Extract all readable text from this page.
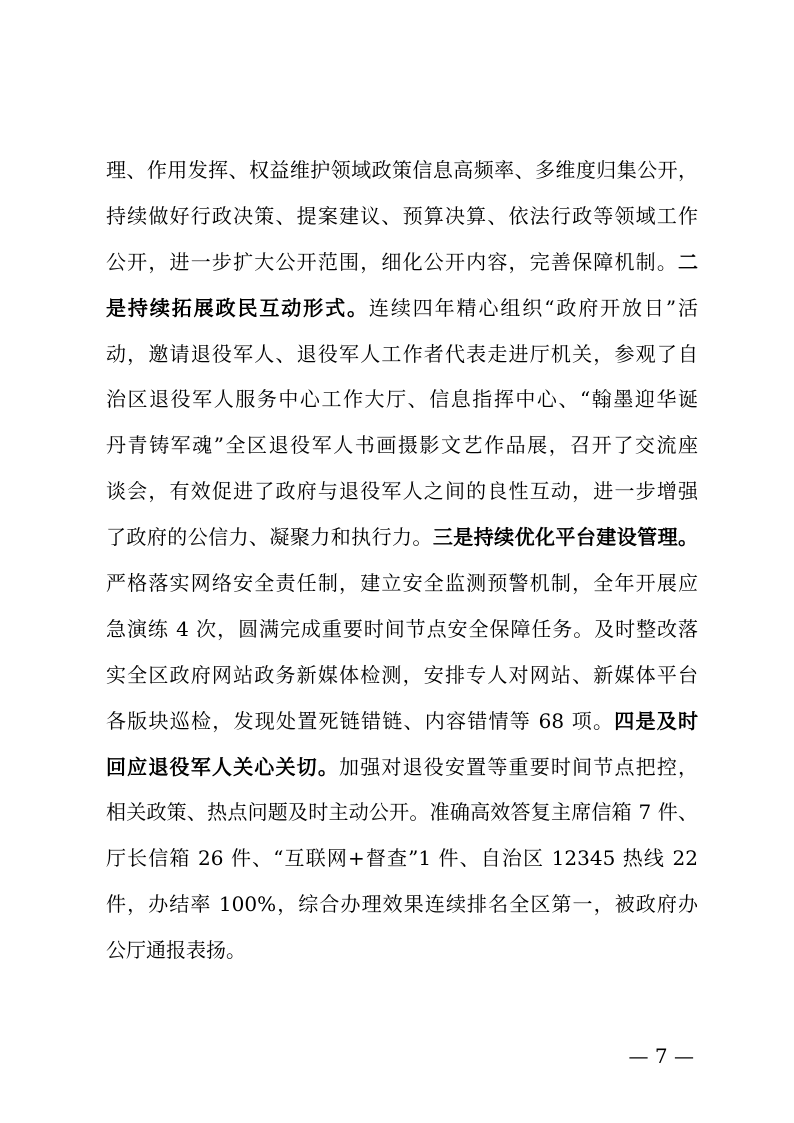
理、作用发挥、权益维护领域政策信息高频率、多维度归集公开，
持续做好行政决策、提案建议、预算决算、依法行政等领域工作
公开，进一步扩大公开范围，细化公开内容，完善保障机制。二
是持续拓展政民互动形式。连续四年精心组织“政府开放日”活
动，邀请退役军人、退役军人工作者代表走进厅机关，参观了自
治区退役军人服务中心工作大厅、信息指挥中心、“翰墨迎华诞
丹青铸军魂”全区退役军人书画摄影文艺作品展，召开了交流座
谈会，有效促进了政府与退役军人之间的良性互动，进一步增强
了政府的公信力、凝聚力和执行力。三是持续优化平台建设管理。
严格落实网络安全责任制，建立安全监测预警机制，全年开展应
急演练 4 次，圆满完成重要时间节点安全保障任务。及时整改落
实全区政府网站政务新媒体检测，安排专人对网站、新媒体平台
各版块巡检，发现处置死链错链、内容错情等 68 项。四是及时
回应退役军人关心关切。加强对退役安置等重要时间节点把控，
相关政策、热点问题及时主动公开。准确高效答复主席信箱 7 件、
厅长信箱 26 件、“互联网+督查”1 件、自治区 12345 热线 22
件，办结率 100%，综合办理效果连续排名全区第一，被政府办
公厅通报表扬。
— 7 —
